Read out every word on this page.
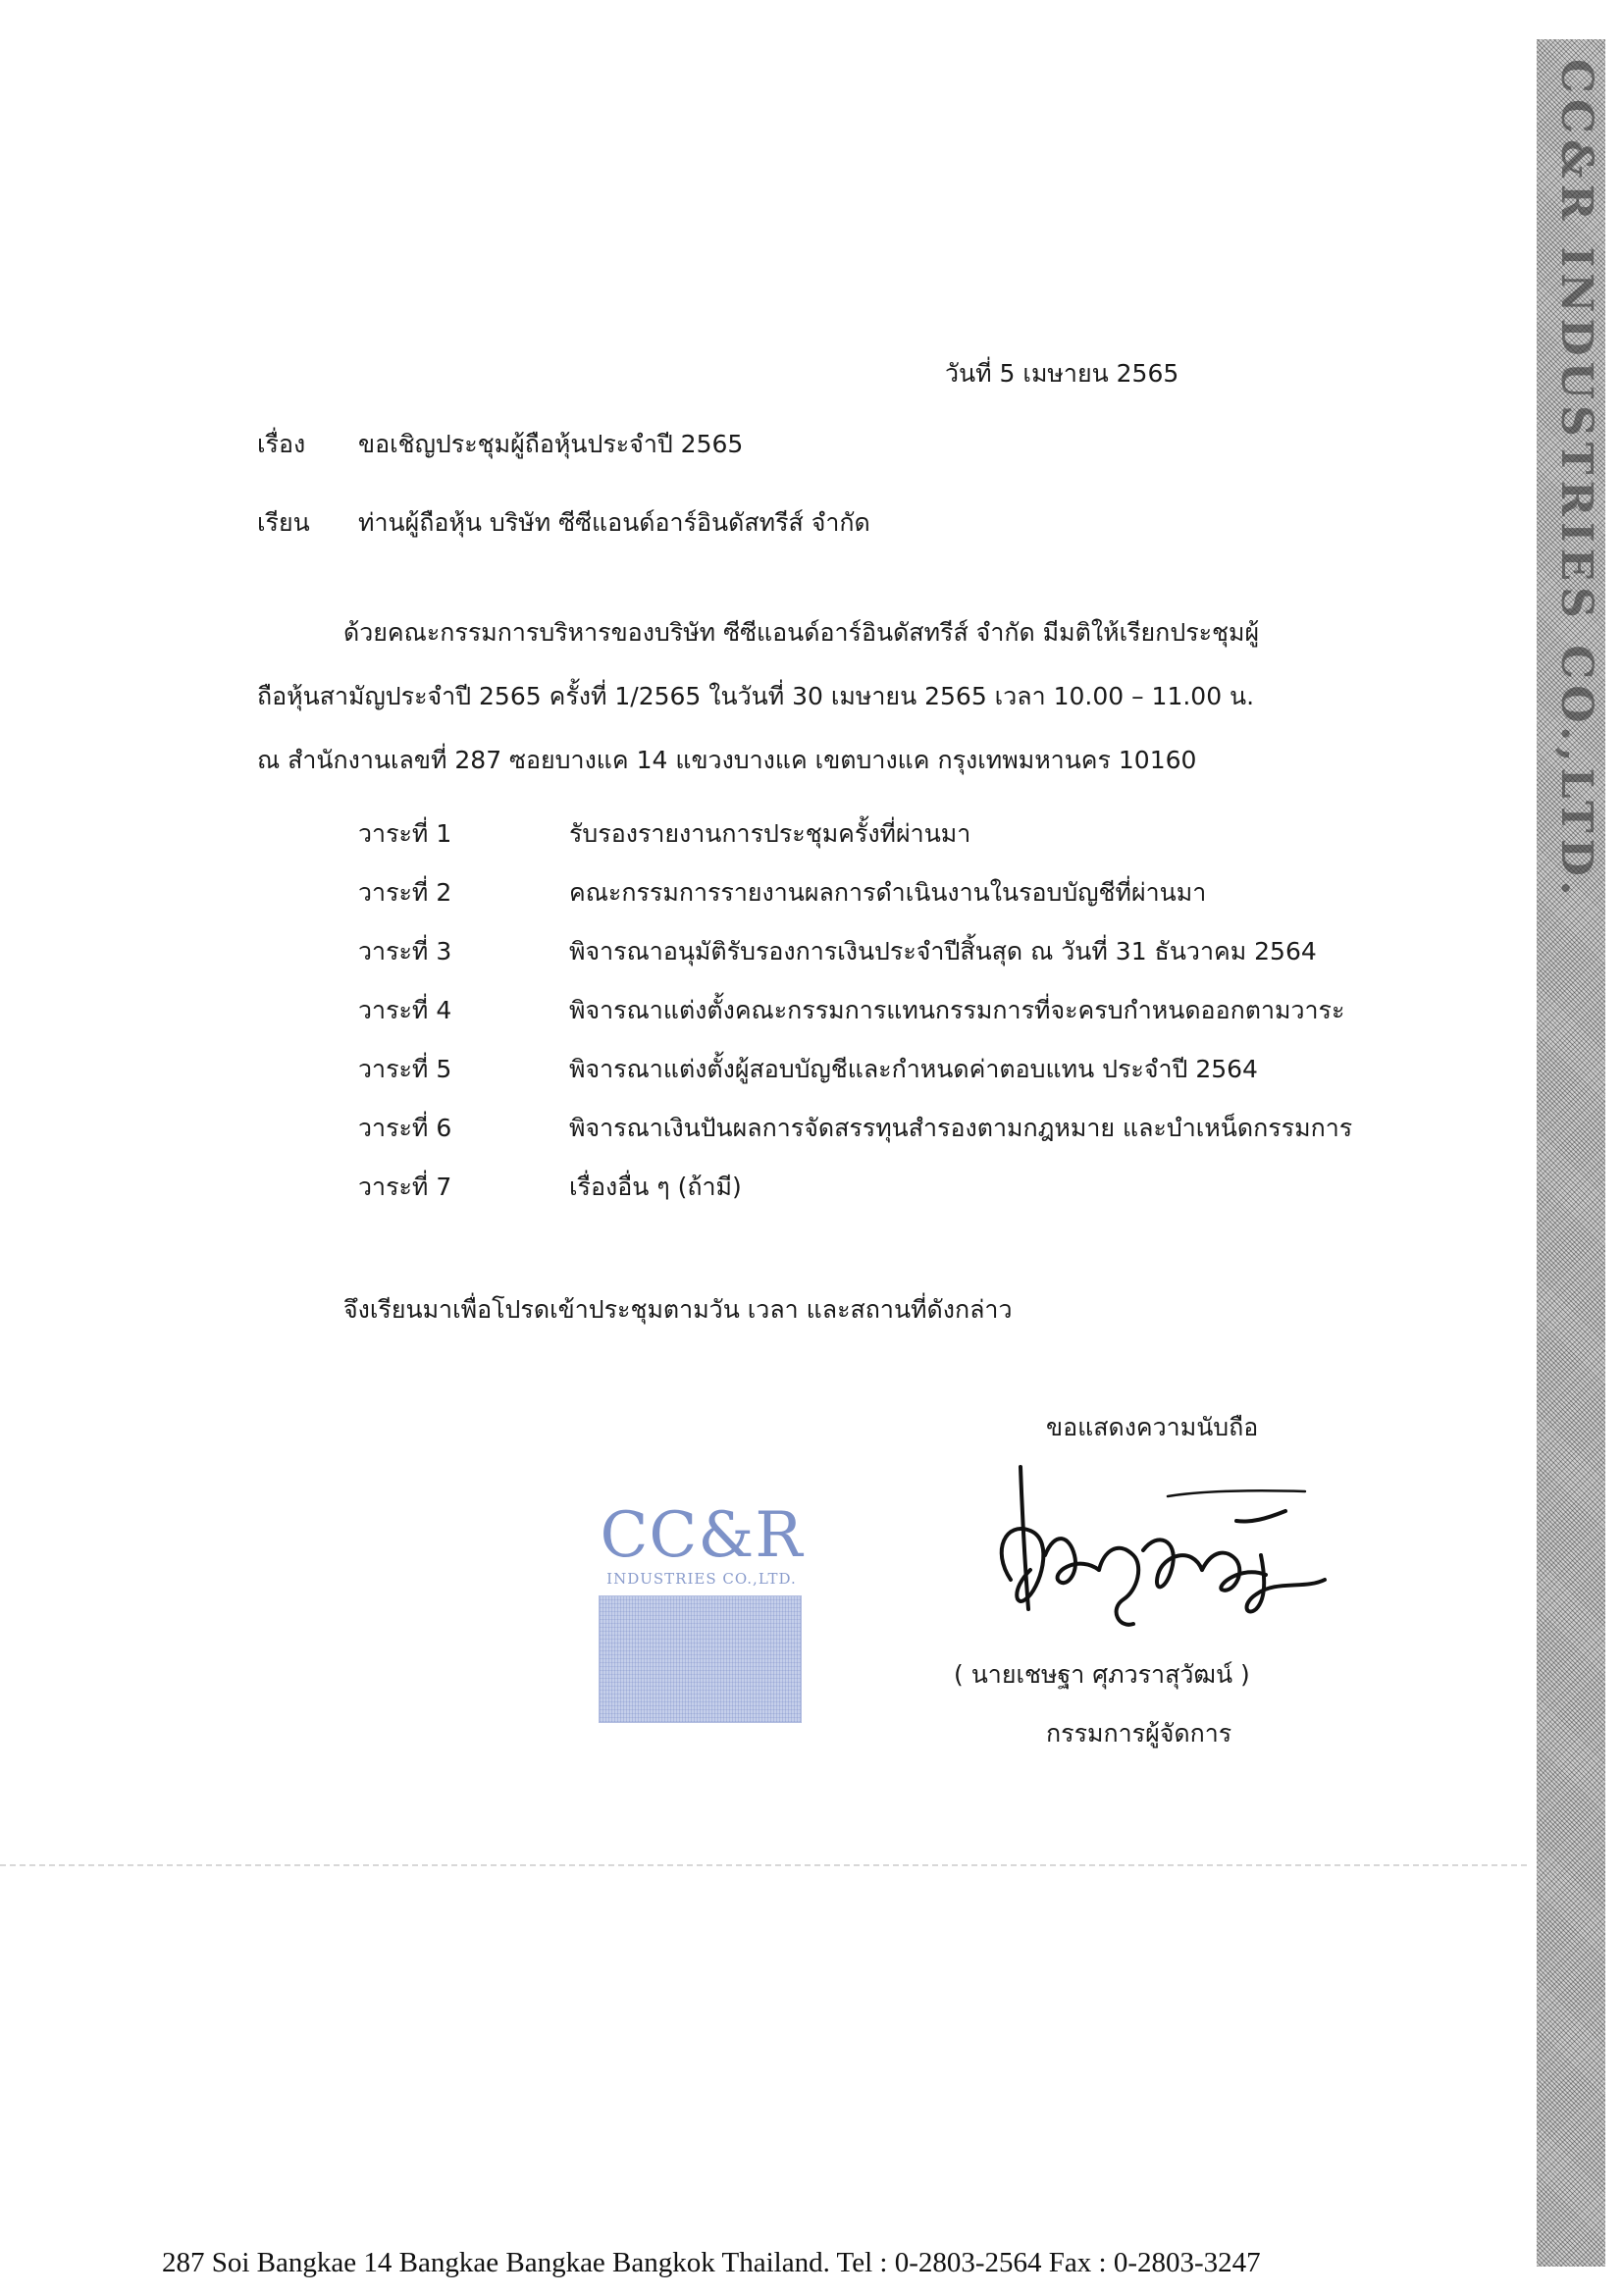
CC&R INDUSTRIES CO.,LTD.
วันที่ 5 เมษายน 2565
เรื่อง ขอเชิญประชุมผู้ถือหุ้นประจำปี 2565
เรียน ท่านผู้ถือหุ้น บริษัท ซีซีแอนด์อาร์อินดัสทรีส์ จำกัด
ด้วยคณะกรรมการบริหารของบริษัท ซีซีแอนด์อาร์อินดัสทรีส์ จำกัด มีมติให้เรียกประชุมผู้
ถือหุ้นสามัญประจำปี 2565 ครั้งที่ 1/2565 ในวันที่ 30 เมษายน 2565 เวลา 10.00 – 11.00 น.
ณ สำนักงานเลขที่ 287 ซอยบางแค 14 แขวงบางแค เขตบางแค กรุงเทพมหานคร 10160
วาระที่ 1	รับรองรายงานการประชุมครั้งที่ผ่านมา
วาระที่ 2	คณะกรรมการรายงานผลการดำเนินงานในรอบบัญชีที่ผ่านมา
วาระที่ 3	พิจารณาอนุมัติรับรองการเงินประจำปีสิ้นสุด ณ วันที่ 31 ธันวาคม 2564
วาระที่ 4	พิจารณาแต่งตั้งคณะกรรมการแทนกรรมการที่จะครบกำหนดออกตามวาระ
วาระที่ 5	พิจารณาแต่งตั้งผู้สอบบัญชีและกำหนดค่าตอบแทน ประจำปี 2564
วาระที่ 6	พิจารณาเงินปันผลการจัดสรรทุนสำรองตามกฎหมาย และบำเหน็ดกรรมการ
วาระที่ 7	เรื่องอื่น ๆ (ถ้ามี)
จึงเรียนมาเพื่อโปรดเข้าประชุมตามวัน เวลา และสถานที่ดังกล่าว
ขอแสดงความนับถือ
CC&R
INDUSTRIES CO.,LTD.
( นายเชษฐา ศุภวราสุวัฒน์ )
กรรมการผู้จัดการ
287 Soi Bangkae 14 Bangkae Bangkae Bangkok Thailand. Tel : 0-2803-2564 Fax : 0-2803-3247
